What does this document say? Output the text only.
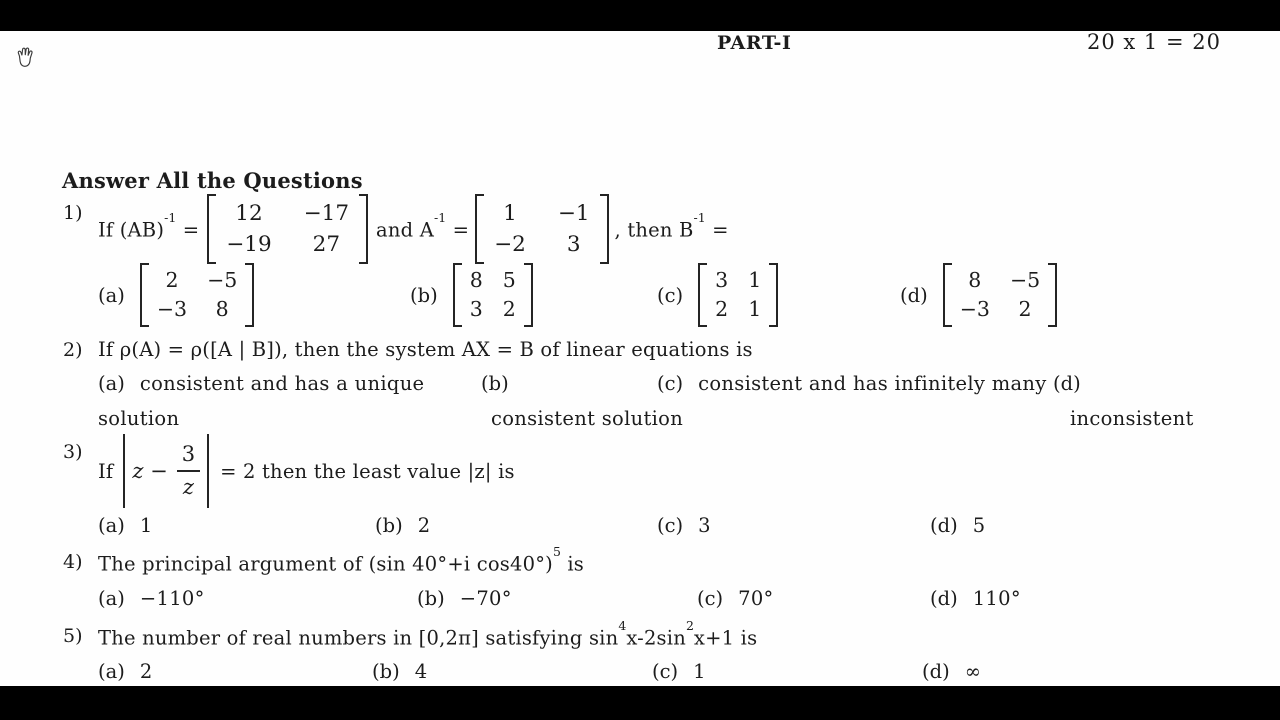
PART-I	20 x 1 = 20
Answer All the Questions
1)
If (AB)$^{-1}$ =
12	−17
−19	27
and $A^{-1}$ =
1	−1
−2	3
, then $B^{-1}$ =
(a)
2	−5
−3	8
(b)
8 5
3 2
(c)
3 1
2 1
(d)
8	−5
−3	2
2) If ρ(A) = ρ([A | B]), then the system AX = B of linear equations is
(a) consistent and has a unique	(b)	(c) consistent and has infinitely many (d)
solution	consistent solution	inconsistent
3)
If $z - \frac{3}{z} = 2$ then the least value |z| is
(a) 1	(b) 2	(c) 3	(d) 5
4) The principal argument of (sin 40°+i cos40°)$^5$ is
(a) −110°	(b) −70°	(c) 70°	(d) 110°
5) The number of real numbers in [0,2π] satisfying $\sin^4x-2\sin^2x+1$ is
(a) 2	(b) 4	(c) 1	(d) ∞
